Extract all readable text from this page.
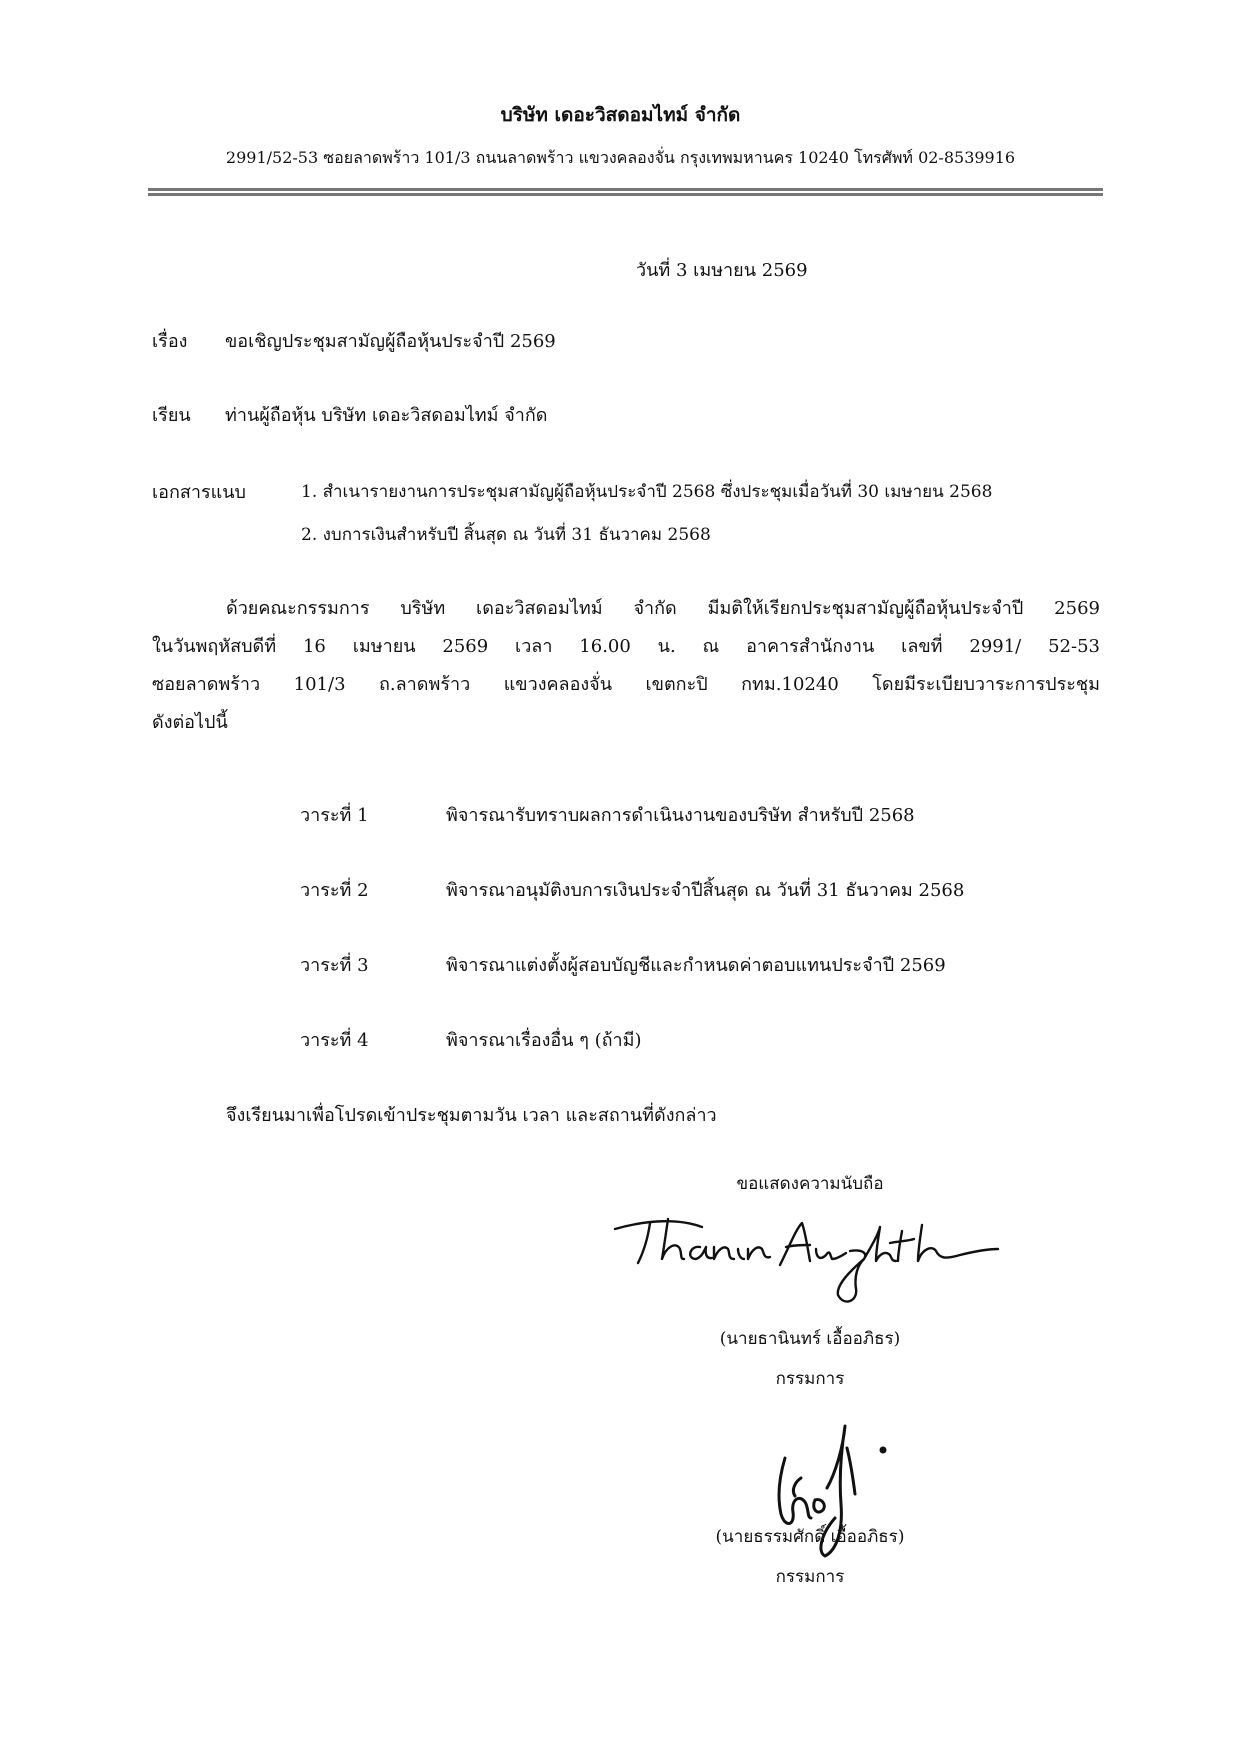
บริษัท เดอะวิสดอมไทม์ จำกัด
2991/52-53 ซอยลาดพร้าว 101/3 ถนนลาดพร้าว แขวงคลองจั่น กรุงเทพมหานคร 10240 โทรศัพท์ 02-8539916
วันที่ 3 เมษายน 2569
เรื่อง ขอเชิญประชุมสามัญผู้ถือหุ้นประจำปี 2569
เรียน ท่านผู้ถือหุ้น บริษัท เดอะวิสดอมไทม์ จำกัด
เอกสารแนบ	1. สำเนารายงานการประชุมสามัญผู้ถือหุ้นประจำปี 2568 ซึ่งประชุมเมื่อวันที่ 30 เมษายน 2568
2. งบการเงินสำหรับปี สิ้นสุด ณ วันที่ 31 ธันวาคม 2568
ด้วยคณะกรรมการ บริษัท เดอะวิสดอมไทม์ จำกัด มีมติให้เรียกประชุมสามัญผู้ถือหุ้นประจำปี 2569
ในวันพฤหัสบดีที่ 16 เมษายน 2569 เวลา 16.00 น. ณ อาคารสำนักงาน เลขที่ 2991/ 52-53
ซอยลาดพร้าว 101/3 ถ.ลาดพร้าว แขวงคลองจั่น เขตกะปิ กทม.10240 โดยมีระเบียบวาระการประชุม
ดังต่อไปนี้
วาระที่ 1	พิจารณารับทราบผลการดำเนินงานของบริษัท สำหรับปี 2568
วาระที่ 2	พิจารณาอนุมัติงบการเงินประจำปีสิ้นสุด ณ วันที่ 31 ธันวาคม 2568
วาระที่ 3	พิจารณาแต่งตั้งผู้สอบบัญชีและกำหนดค่าตอบแทนประจำปี 2569
วาระที่ 4	พิจารณาเรื่องอื่น ๆ (ถ้ามี)
จึงเรียนมาเพื่อโปรดเข้าประชุมตามวัน เวลา และสถานที่ดังกล่าว
ขอแสดงความนับถือ
(นายธานินทร์ เอื้ออภิธร)
กรรมการ
(นายธรรมศักดิ์ เอื้ออภิธร)
กรรมการ
